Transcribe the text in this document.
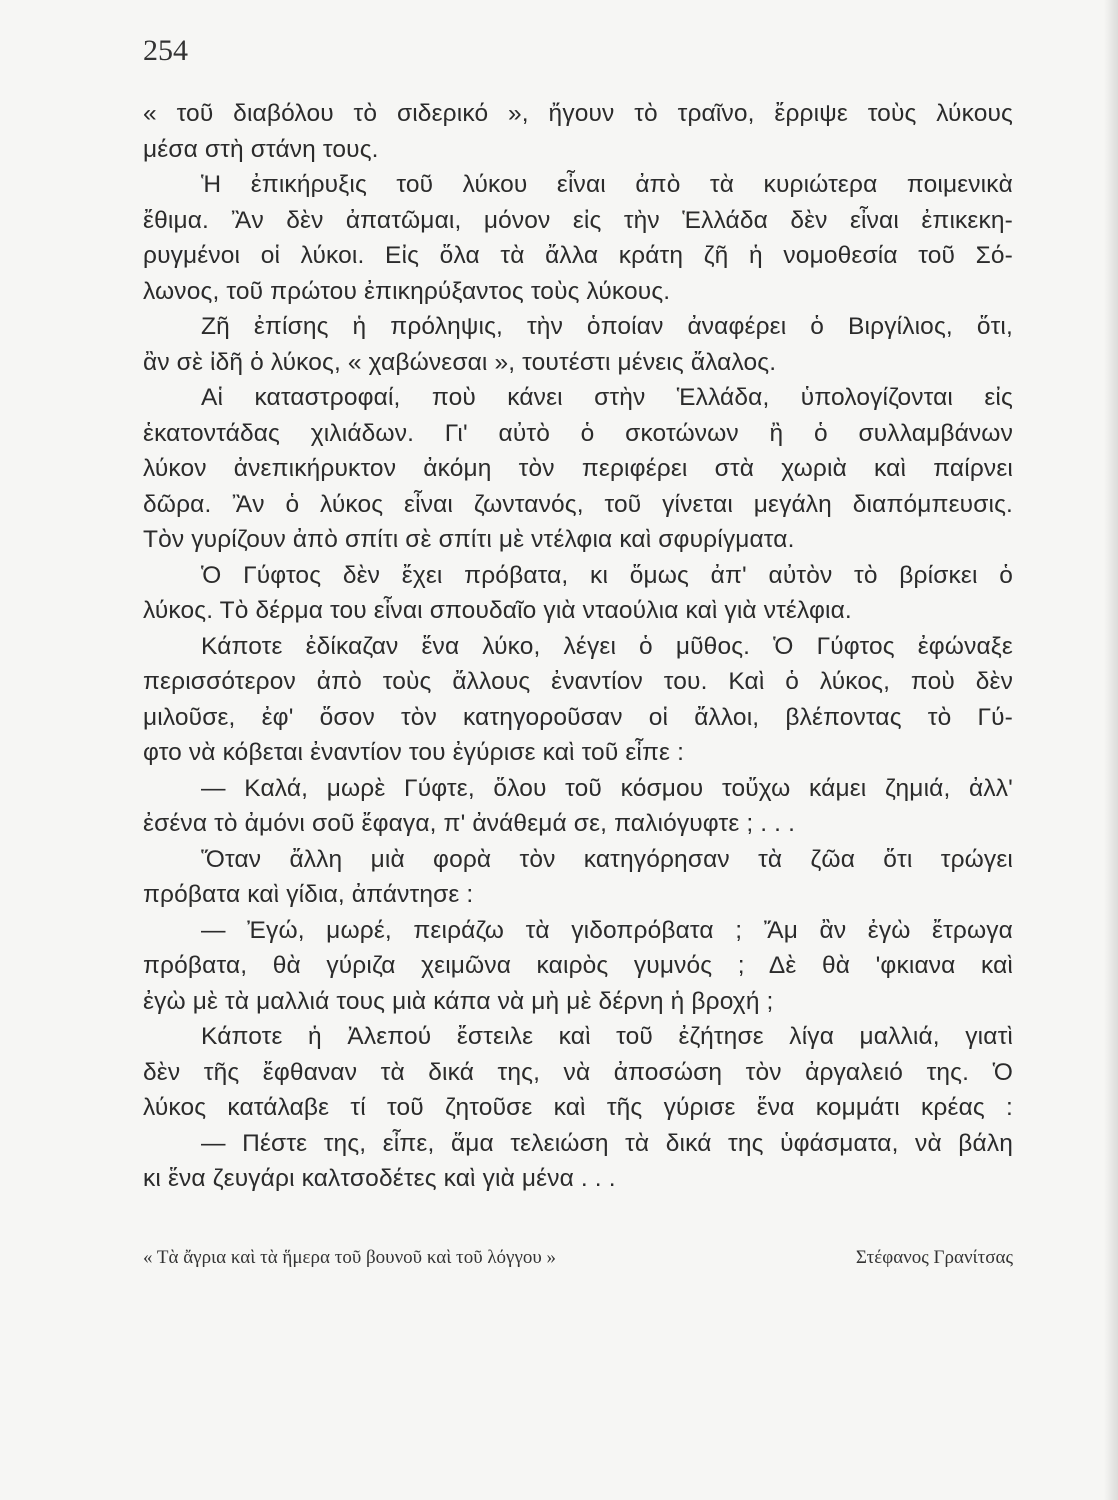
254
« τοῦ διαβόλου τὸ σιδερικό », ἤγουν τὸ τραῖνο, ἔρριψε τοὺς λύκους
μέσα στὴ στάνη τους.
Ἡ ἐπικήρυξις τοῦ λύκου εἶναι ἀπὸ τὰ κυριώτερα ποιμενικὰ
ἔθιμα. Ἂν δὲν ἀπατῶμαι, μόνον εἰς τὴν Ἑλλάδα δὲν εἶναι ἐπικεκη-
ρυγμένοι οἱ λύκοι. Εἰς ὅλα τὰ ἄλλα κράτη ζῆ ἡ νομοθεσία τοῦ Σό-
λωνος, τοῦ πρώτου ἐπικηρύξαντος τοὺς λύκους.
Ζῆ ἐπίσης ἡ πρόληψις, τὴν ὁποίαν ἀναφέρει ὁ Βιργίλιος, ὅτι,
ἂν σὲ ἰδῆ ὁ λύκος, « χαβώνεσαι », τουτέστι μένεις ἄλαλος.
Αἱ καταστροφαί, ποὺ κάνει στὴν Ἑλλάδα, ὑπολογίζονται εἰς
ἑκατοντάδας χιλιάδων. Γι' αὐτὸ ὁ σκοτώνων ἢ ὁ συλλαμβάνων
λύκον ἀνεπικήρυκτον ἀκόμη τὸν περιφέρει στὰ χωριὰ καὶ παίρνει
δῶρα. Ἂν ὁ λύκος εἶναι ζωντανός, τοῦ γίνεται μεγάλη διαπόμπευσις.
Τὸν γυρίζουν ἀπὸ σπίτι σὲ σπίτι μὲ ντέλφια καὶ σφυρίγματα.
Ὁ Γύφτος δὲν ἔχει πρόβατα, κι ὅμως ἀπ' αὐτὸν τὸ βρίσκει ὁ
λύκος. Τὸ δέρμα του εἶναι σπουδαῖο γιὰ νταούλια καὶ γιὰ ντέλφια.
Κάποτε ἐδίκαζαν ἕνα λύκο, λέγει ὁ μῦθος. Ὁ Γύφτος ἐφώναξε
περισσότερον ἀπὸ τοὺς ἄλλους ἐναντίον του. Καὶ ὁ λύκος, ποὺ δὲν
μιλοῦσε, ἐφ' ὅσον τὸν κατηγοροῦσαν οἱ ἄλλοι, βλέποντας τὸ Γύ-
φτο νὰ κόβεται ἐναντίον του ἐγύρισε καὶ τοῦ εἶπε :
— Καλά, μωρὲ Γύφτε, ὅλου τοῦ κόσμου τοὔχω κάμει ζημιά, ἀλλ'
ἐσένα τὸ ἀμόνι σοῦ ἔφαγα, π' ἀνάθεμά σε, παλιόγυφτε ; . . .
Ὅταν ἄλλη μιὰ φορὰ τὸν κατηγόρησαν τὰ ζῶα ὅτι τρώγει
πρόβατα καὶ γίδια, ἀπάντησε :
— Ἐγώ, μωρέ, πειράζω τὰ γιδοπρόβατα ; Ἄμ ἂν ἐγὼ ἔτρωγα
πρόβατα, θὰ γύριζα χειμῶνα καιρὸς γυμνός ; Δὲ θὰ 'φκιανα καὶ
ἐγὼ μὲ τὰ μαλλιά τους μιὰ κάπα νὰ μὴ μὲ δέρνη ἡ βροχή ;
Κάποτε ἡ Ἀλεπού ἔστειλε καὶ τοῦ ἐζήτησε λίγα μαλλιά, γιατὶ
δὲν τῆς ἔφθαναν τὰ δικά της, νὰ ἀποσώση τὸν ἀργαλειό της. Ὁ
λύκος κατάλαβε τί τοῦ ζητοῦσε καὶ τῆς γύρισε ἕνα κομμάτι κρέας :
— Πέστε της, εἶπε, ἅμα τελειώση τὰ δικά της ὑφάσματα, νὰ βάλη
κι ἕνα ζευγάρι καλτσοδέτες καὶ γιὰ μένα . . .
« Τὰ ἄγρια καὶ τὰ ἥμερα τοῦ βουνοῦ καὶ τοῦ λόγγου »	Στέφανος Γρανίτσας
